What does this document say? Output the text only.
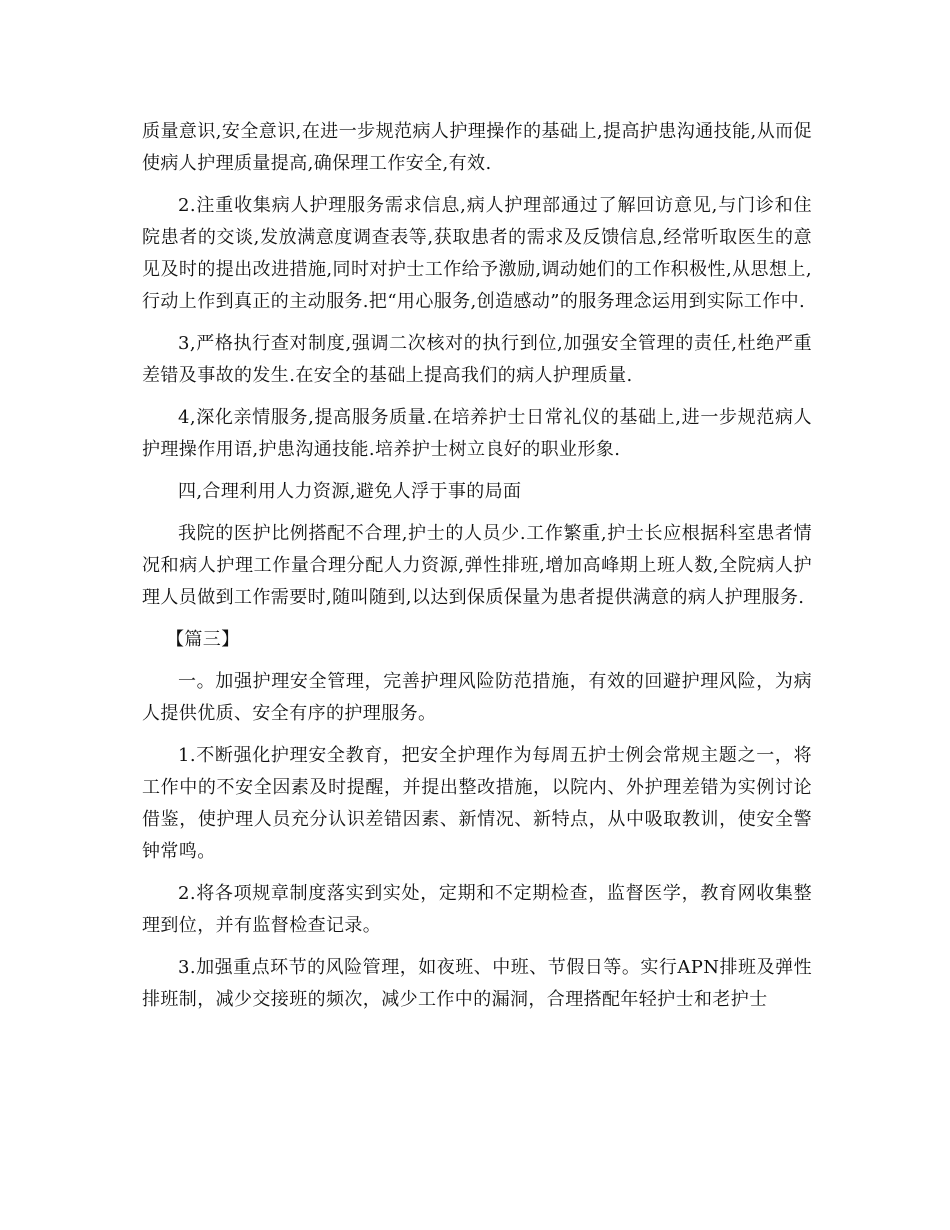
质量意识,安全意识,在进一步规范病人护理操作的基础上,提高护患沟通技能,从而促使病人护理质量提高,确保理工作安全,有效.

2.注重收集病人护理服务需求信息,病人护理部通过了解回访意见,与门诊和住院患者的交谈,发放满意度调查表等,获取患者的需求及反馈信息,经常听取医生的意见及时的提出改进措施,同时对护士工作给予激励,调动她们的工作积极性,从思想上,行动上作到真正的主动服务.把“用心服务,创造感动”的服务理念运用到实际工作中.

3,严格执行查对制度,强调二次核对的执行到位,加强安全管理的责任,杜绝严重差错及事故的发生.在安全的基础上提高我们的病人护理质量.

4,深化亲情服务,提高服务质量.在培养护士日常礼仪的基础上,进一步规范病人护理操作用语,护患沟通技能.培养护士树立良好的职业形象.

四,合理利用人力资源,避免人浮于事的局面

我院的医护比例搭配不合理,护士的人员少.工作繁重,护士长应根据科室患者情况和病人护理工作量合理分配人力资源,弹性排班,增加高峰期上班人数,全院病人护理人员做到工作需要时,随叫随到,以达到保质保量为患者提供满意的病人护理服务.

【篇三】

一。加强护理安全管理，完善护理风险防范措施，有效的回避护理风险，为病人提供优质、安全有序的护理服务。

1.不断强化护理安全教育，把安全护理作为每周五护士例会常规主题之一，将工作中的不安全因素及时提醒，并提出整改措施，以院内、外护理差错为实例讨论借鉴，使护理人员充分认识差错因素、新情况、新特点，从中吸取教训，使安全警钟常鸣。

2.将各项规章制度落实到实处，定期和不定期检查，监督医学，教育网收集整理到位，并有监督检查记录。

3.加强重点环节的风险管理，如夜班、中班、节假日等。实行APN排班及弹性排班制，减少交接班的频次，减少工作中的漏洞，合理搭配年轻护士和老护士
